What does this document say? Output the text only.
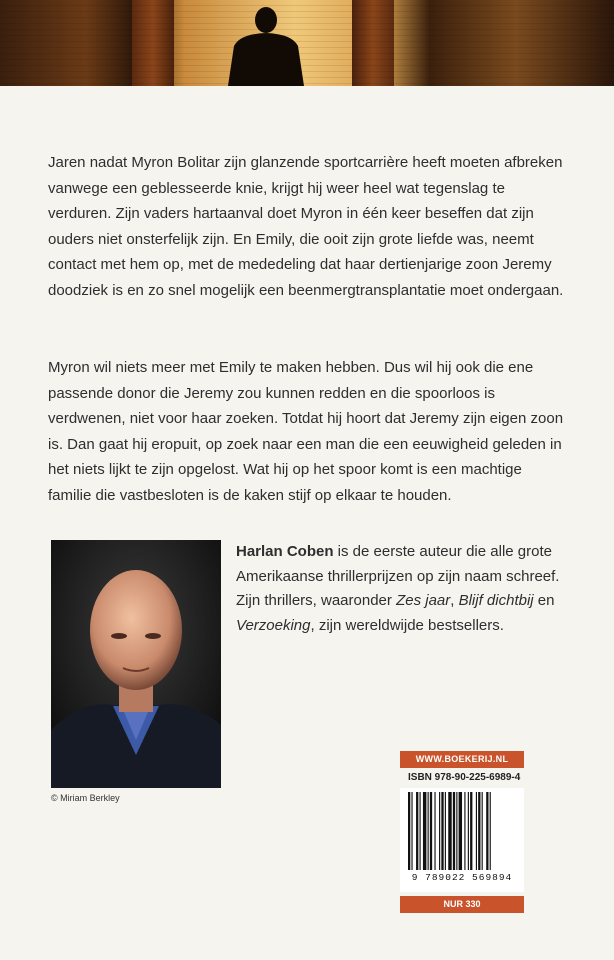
Jaren nadat Myron Bolitar zijn glanzende sportcarrière heeft moeten afbreken vanwege een geblesseerde knie, krijgt hij weer heel wat tegenslag te verduren. Zijn vaders hartaanval doet Myron in één keer beseffen dat zijn ouders niet onsterfelijk zijn. En Emily, die ooit zijn grote liefde was, neemt contact met hem op, met de mededeling dat haar dertienjarige zoon Jeremy doodziek is en zo snel mogelijk een beenmergtransplantatie moet ondergaan.
Myron wil niets meer met Emily te maken hebben. Dus wil hij ook die ene passende donor die Jeremy zou kunnen redden en die spoorloos is verdwenen, niet voor haar zoeken. Totdat hij hoort dat Jeremy zijn eigen zoon is. Dan gaat hij eropuit, op zoek naar een man die een eeuwigheid geleden in het niets lijkt te zijn opgelost. Wat hij op het spoor komt is een machtige familie die vastbesloten is de kaken stijf op elkaar te houden.
© Miriam Berkley
Harlan Coben is de eerste auteur die alle grote Amerikaanse thrillerprijzen op zijn naam schreef. Zijn thrillers, waaronder Zes jaar, Blijf dichtbij en Verzoeking, zijn wereldwijde bestsellers.
WWW.BOEKERIJ.NL
ISBN 978-90-225-6989-4
9 789022 569894
NUR 330
